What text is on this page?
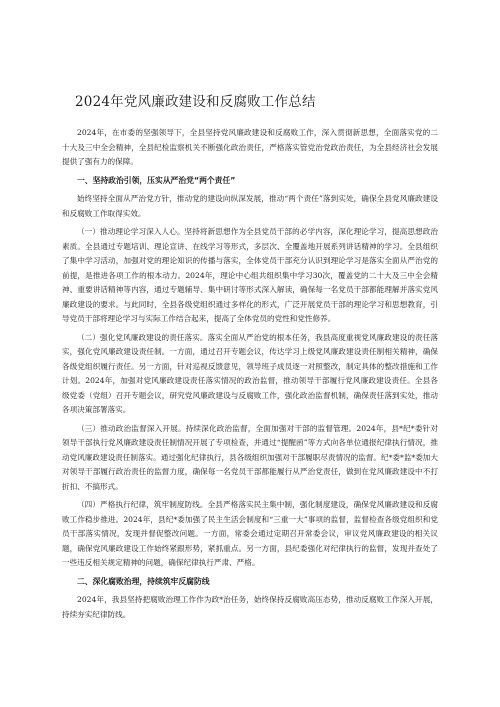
2024年党风廉政建设和反腐败工作总结

2024年，在市委的坚强领导下，全县坚持党风廉政建设和反腐败工作，深入贯彻新思想，全面落实党的二十大及三中全会精神，全县纪检监察机关不断强化政治责任，严格落实管党治党政治责任，为全县经济社会发展提供了强有力的保障。

一、坚持政治引领，压实从严治党“两个责任”

始终坚持全面从严治党方针，推动党的建设向纵深发展，推动“两个责任”落到实处，确保全县党风廉政建设和反腐败工作取得实效。

（一）推动理论学习深入人心。坚持将新思想作为全县党员干部的必学内容，深化理论学习，提高思想政治素质。全县通过专题培训、理论宣讲、在线学习等形式，多层次、全覆盖地开展系列讲话精神的学习。全县组织了集中学习活动，加强对党的理论知识的传播与落实，全体党员干部充分认识到理论学习是落实全面从严治党的前提，是推进各项工作的根本动力。2024年，理论中心组共组织集中学习30次，覆盖党的二十大及三中全会精神、重要讲话精神等内容，通过专题辅导、集中研讨等形式深入解读，确保每一名党员干部都能理解并落实党风廉政建设的要求。与此同时，全县各级党组织通过多样化的形式，广泛开展党员干部的理论学习和思想教育，引导党员干部将理论学习与实际工作结合起来，提高了全体党员的党性和党性修养。

（二）强化党风廉政建设的责任落实。落实全面从严治党的根本任务，我县高度重视党风廉政建设的责任落实，强化党风廉政建设责任制。一方面，通过召开专题会议，传达学习上级党风廉政建设责任制相关精神，确保各级党组织履行责任。另一方面，针对巡视反馈意见，领导班子成员逐一对照整改，制定具体的整改措施和工作计划。2024年，加强对党风廉政建设责任落实情况的政治监督，推动领导干部履行党风廉政建设责任。全县各级党委（党组）召开专题会议，研究党风廉政建设与反腐败工作，强化政治监督机制，确保责任落到实处，推动各项决策部署落实。

（三）推动政治监督深入开展。持续深化政治监督，全面加强对干部的监督管理。2024年，县*纪*委针对领导干部执行党风廉政建设责任制情况开展了专项检查，并通过“提醒函”等方式向各单位通报纪律执行情况，推动党风廉政建设责任制落实。通过强化纪律执行，县各级组织加强对干部履职尽责情况的监督。纪*委*监*委加大对领导干部履行政治责任的监督力度，确保每一名党员干部都能履行从严治党责任，做到在党风廉政建设中不打折扣、不搞形式。

（四）严格执行纪律，筑牢制度防线。全县严格落实民主集中制，强化制度建设，确保党风廉政建设和反腐败工作稳步推进。2024年，县纪*委加强了民主生活会制度和“三重一大”事项的监督，监督检查各级党组织和党员干部落实情况，发现并督促整改问题。一方面，常委会通过定期召开常委会议，审议党风廉政建设的相关议题，确保党风廉政建设工作始终紧跟形势，紧抓重点。另一方面，县纪委强化对纪律执行的监督，发现并查处了一些违反相关规定精神的问题，确保纪律执行严肃、严格。

二、深化腐败治理，持续筑牢反腐防线

2024年，我县坚持把腐败治理工作作为政*治任务，始终保持反腐败高压态势，推动反腐败工作深入开展，持续夯实纪律防线。
